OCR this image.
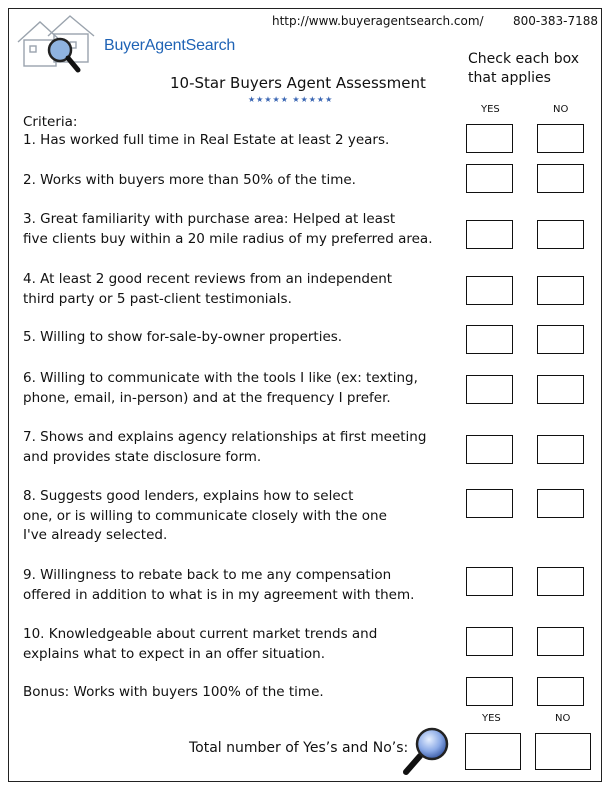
http://www.buyeragentsearch.com/ 800-383-7188
BuyerAgentSearch
10-Star Buyers Agent Assessment
★★★★★ ★★★★★
Check each box that applies
YES	NO
Criteria:
1. Has worked full time in Real Estate at least 2 years.
2. Works with buyers more than 50% of the time.
3. Great familiarity with purchase area: Helped at least
five clients buy within a 20 mile radius of my preferred area.
4. At least 2 good recent reviews from an independent
third party or 5 past-client testimonials.
5. Willing to show for-sale-by-owner properties.
6. Willing to communicate with the tools I like (ex: texting,
phone, email, in-person) and at the frequency I prefer.
7. Shows and explains agency relationships at first meeting
and provides state disclosure form.
8. Suggests good lenders, explains how to select
one, or is willing to communicate closely with the one
I've already selected.
9. Willingness to rebate back to me any compensation
offered in addition to what is in my agreement with them.
10. Knowledgeable about current market trends and
explains what to expect in an offer situation.
Bonus: Works with buyers 100% of the time.
YES	NO
Total number of Yes’s and No’s:
